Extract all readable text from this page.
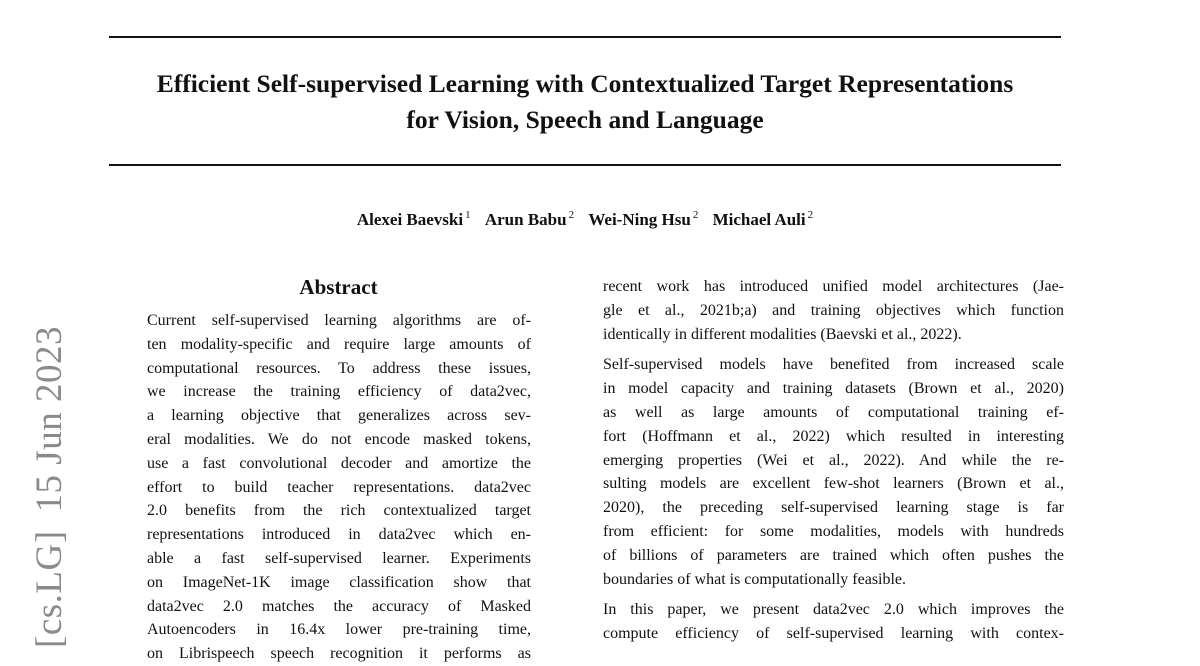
[cs.LG]15 Jun 2023
Efficient Self-supervised Learning with Contextualized Target Representations
for Vision, Speech and Language
Alexei Baevski $^1$ Arun Babu $^2$ Wei-Ning Hsu $^2$ Michael Auli $^2$
Abstract
Current self-supervised learning algorithms are of-
ten modality-specific and require large amounts of
computational resources. To address these issues,
we increase the training efficiency of data2vec,
a learning objective that generalizes across sev-
eral modalities. We do not encode masked tokens,
use a fast convolutional decoder and amortize the
effort to build teacher representations. data2vec
2.0 benefits from the rich contextualized target
representations introduced in data2vec which en-
able a fast self-supervised learner. Experiments
on ImageNet-1K image classification show that
data2vec 2.0 matches the accuracy of Masked
Autoencoders in 16.4x lower pre-training time,
on Librispeech speech recognition it performs as
recent work has introduced unified model architectures (Jae-
gle et al., 2021b;a) and training objectives which function
identically in different modalities (Baevski et al., 2022).
Self-supervised models have benefited from increased scale
in model capacity and training datasets (Brown et al., 2020)
as well as large amounts of computational training ef-
fort (Hoffmann et al., 2022) which resulted in interesting
emerging properties (Wei et al., 2022). And while the re-
sulting models are excellent few-shot learners (Brown et al.,
2020), the preceding self-supervised learning stage is far
from efficient: for some modalities, models with hundreds
of billions of parameters are trained which often pushes the
boundaries of what is computationally feasible.
In this paper, we present data2vec 2.0 which improves the
compute efficiency of self-supervised learning with contex-
